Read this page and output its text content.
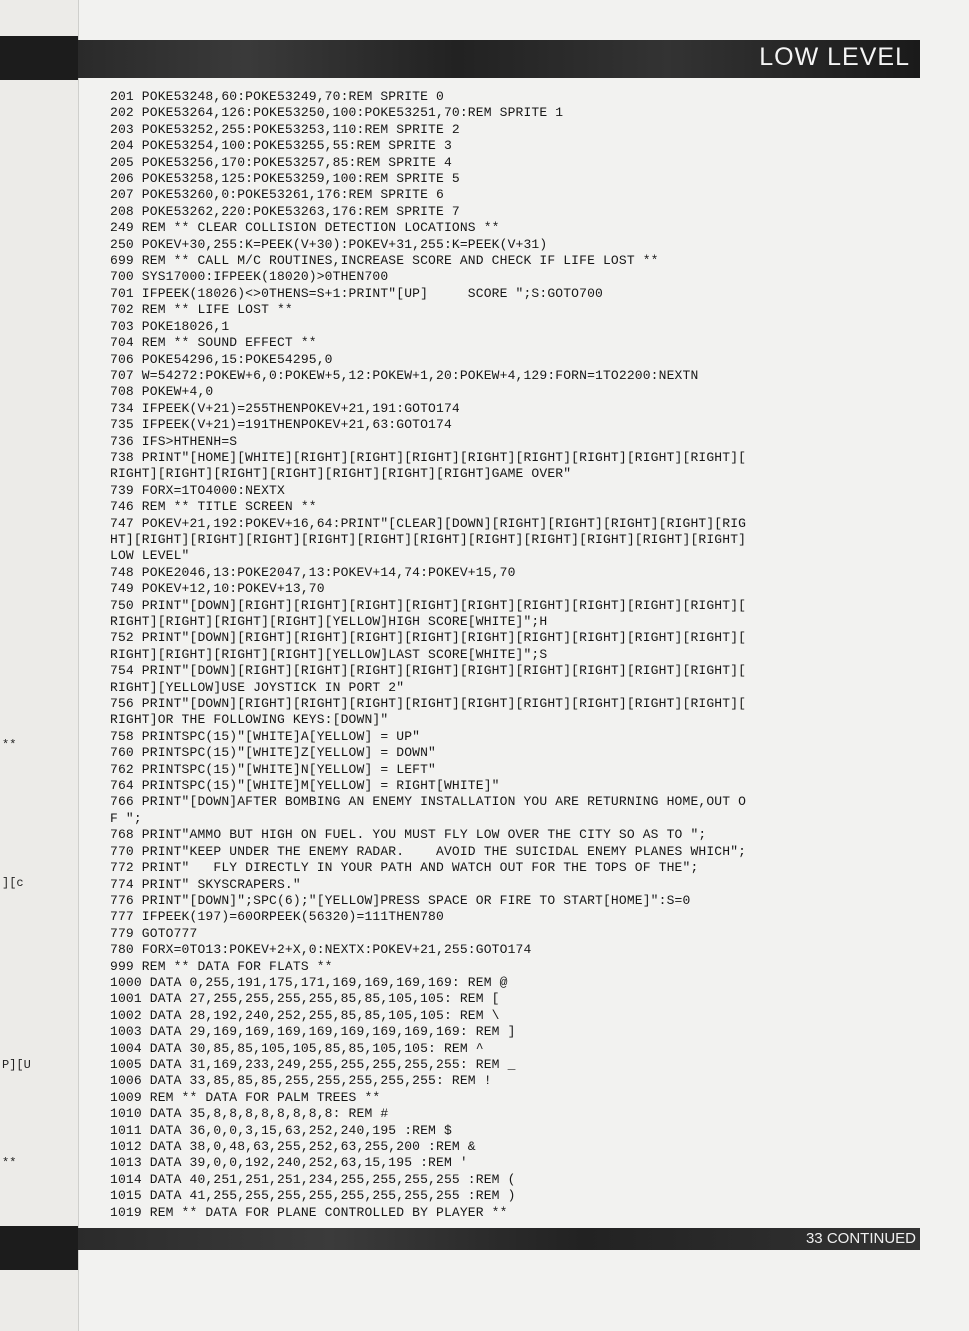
**
][c
P][U
**
LOW LEVEL
201 POKE53248,60:POKE53249,70:REM SPRITE 0
202 POKE53264,126:POKE53250,100:POKE53251,70:REM SPRITE 1
203 POKE53252,255:POKE53253,110:REM SPRITE 2
204 POKE53254,100:POKE53255,55:REM SPRITE 3
205 POKE53256,170:POKE53257,85:REM SPRITE 4
206 POKE53258,125:POKE53259,100:REM SPRITE 5
207 POKE53260,0:POKE53261,176:REM SPRITE 6
208 POKE53262,220:POKE53263,176:REM SPRITE 7
249 REM ** CLEAR COLLISION DETECTION LOCATIONS **
250 POKEV+30,255:K=PEEK(V+30):POKEV+31,255:K=PEEK(V+31)
699 REM ** CALL M/C ROUTINES,INCREASE SCORE AND CHECK IF LIFE LOST **
700 SYS17000:IFPEEK(18020)>0THEN700
701 IFPEEK(18026)<>0THENS=S+1:PRINT"[UP]     SCORE ";S:GOTO700
702 REM ** LIFE LOST **
703 POKE18026,1
704 REM ** SOUND EFFECT **
706 POKE54296,15:POKE54295,0
707 W=54272:POKEW+6,0:POKEW+5,12:POKEW+1,20:POKEW+4,129:FORN=1TO2200:NEXTN
708 POKEW+4,0
734 IFPEEK(V+21)=255THENPOKEV+21,191:GOTO174
735 IFPEEK(V+21)=191THENPOKEV+21,63:GOTO174
736 IFS>HTHENH=S
738 PRINT"[HOME][WHITE][RIGHT][RIGHT][RIGHT][RIGHT][RIGHT][RIGHT][RIGHT][RIGHT][
RIGHT][RIGHT][RIGHT][RIGHT][RIGHT][RIGHT][RIGHT]GAME OVER"
739 FORX=1TO4000:NEXTX
746 REM ** TITLE SCREEN **
747 POKEV+21,192:POKEV+16,64:PRINT"[CLEAR][DOWN][RIGHT][RIGHT][RIGHT][RIGHT][RIG
HT][RIGHT][RIGHT][RIGHT][RIGHT][RIGHT][RIGHT][RIGHT][RIGHT][RIGHT][RIGHT][RIGHT]
LOW LEVEL"
748 POKE2046,13:POKE2047,13:POKEV+14,74:POKEV+15,70
749 POKEV+12,10:POKEV+13,70
750 PRINT"[DOWN][RIGHT][RIGHT][RIGHT][RIGHT][RIGHT][RIGHT][RIGHT][RIGHT][RIGHT][
RIGHT][RIGHT][RIGHT][RIGHT][YELLOW]HIGH SCORE[WHITE]";H
752 PRINT"[DOWN][RIGHT][RIGHT][RIGHT][RIGHT][RIGHT][RIGHT][RIGHT][RIGHT][RIGHT][
RIGHT][RIGHT][RIGHT][RIGHT][YELLOW]LAST SCORE[WHITE]";S
754 PRINT"[DOWN][RIGHT][RIGHT][RIGHT][RIGHT][RIGHT][RIGHT][RIGHT][RIGHT][RIGHT][
RIGHT][YELLOW]USE JOYSTICK IN PORT 2"
756 PRINT"[DOWN][RIGHT][RIGHT][RIGHT][RIGHT][RIGHT][RIGHT][RIGHT][RIGHT][RIGHT][
RIGHT]OR THE FOLLOWING KEYS:[DOWN]"
758 PRINTSPC(15)"[WHITE]A[YELLOW] = UP"
760 PRINTSPC(15)"[WHITE]Z[YELLOW] = DOWN"
762 PRINTSPC(15)"[WHITE]N[YELLOW] = LEFT"
764 PRINTSPC(15)"[WHITE]M[YELLOW] = RIGHT[WHITE]"
766 PRINT"[DOWN]AFTER BOMBING AN ENEMY INSTALLATION YOU ARE RETURNING HOME,OUT O
F ";
768 PRINT"AMMO BUT HIGH ON FUEL. YOU MUST FLY LOW OVER THE CITY SO AS TO ";
770 PRINT"KEEP UNDER THE ENEMY RADAR.    AVOID THE SUICIDAL ENEMY PLANES WHICH";
772 PRINT"   FLY DIRECTLY IN YOUR PATH AND WATCH OUT FOR THE TOPS OF THE";
774 PRINT" SKYSCRAPERS."
776 PRINT"[DOWN]";SPC(6);"[YELLOW]PRESS SPACE OR FIRE TO START[HOME]":S=0
777 IFPEEK(197)=60ORPEEK(56320)=111THEN780
779 GOTO777
780 FORX=0TO13:POKEV+2+X,0:NEXTX:POKEV+21,255:GOTO174
999 REM ** DATA FOR FLATS **
1000 DATA 0,255,191,175,171,169,169,169,169: REM @
1001 DATA 27,255,255,255,255,85,85,105,105: REM [
1002 DATA 28,192,240,252,255,85,85,105,105: REM \
1003 DATA 29,169,169,169,169,169,169,169,169: REM ]
1004 DATA 30,85,85,105,105,85,85,105,105: REM ^
1005 DATA 31,169,233,249,255,255,255,255,255: REM _
1006 DATA 33,85,85,85,255,255,255,255,255: REM !
1009 REM ** DATA FOR PALM TREES **
1010 DATA 35,8,8,8,8,8,8,8,8: REM #
1011 DATA 36,0,0,3,15,63,252,240,195 :REM $
1012 DATA 38,0,48,63,255,252,63,255,200 :REM &
1013 DATA 39,0,0,192,240,252,63,15,195 :REM '
1014 DATA 40,251,251,251,234,255,255,255,255 :REM (
1015 DATA 41,255,255,255,255,255,255,255,255 :REM )
1019 REM ** DATA FOR PLANE CONTROLLED BY PLAYER **
33 CONTINUED
